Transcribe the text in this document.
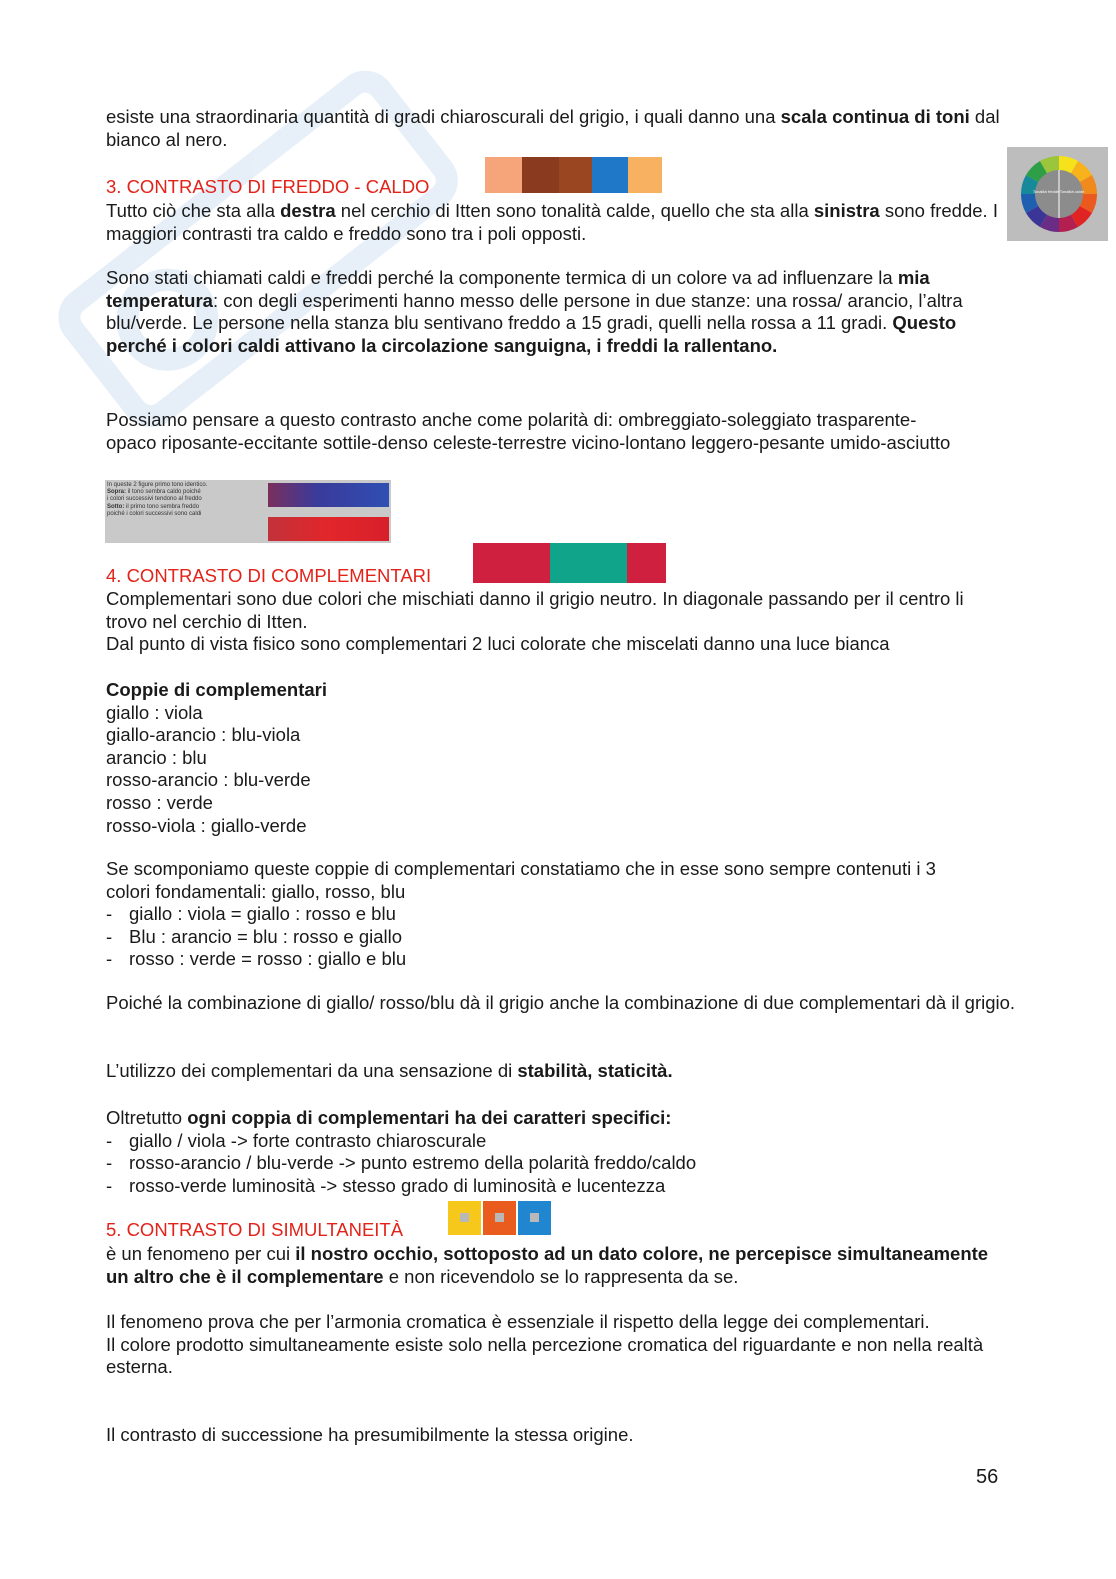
esiste una straordinaria quantità di gradi chiaroscurali del grigio, i quali danno una scala continua di toni dal bianco al nero.

3. CONTRASTO DI FREDDO - CALDO	Tonalità fredde Tonalità calde

Tutto ciò che sta alla destra nel cerchio di Itten sono tonalità calde, quello che sta alla sinistra sono fredde. I maggiori contrasti tra caldo e freddo sono tra i poli opposti.

Sono stati chiamati caldi e freddi perché la componente termica di un colore va ad influenzare la mia temperatura: con degli esperimenti hanno messo delle persone in due stanze: una rossa/ arancio, l’altra blu/verde. Le persone nella stanza blu sentivano freddo a 15 gradi, quelli nella rossa a 11 gradi. Questo perché i colori caldi attivano la circolazione sanguigna, i freddi la rallentano.

Possiamo pensare a questo contrasto anche come polarità di: ombreggiato-soleggiato trasparente-opaco riposante-eccitante sottile-denso celeste-terrestre vicino-lontano leggero-pesante umido-asciutto

In queste 2 figure primo tono identico.
Sopra: il tono sembra caldo poiché
i colori successivi tendono al freddo
Sotto: il primo tono sembra freddo
poiché i colori successivi sono caldi
4. CONTRASTO DI COMPLEMENTARI

Complementari sono due colori che mischiati danno il grigio neutro. In diagonale passando per il centro li trovo nel cerchio di Itten.

Dal punto di vista fisico sono complementari 2 luci colorate che miscelati danno una luce bianca

Coppie di complementari

giallo : viola

giallo-arancio : blu-viola

arancio : blu

rosso-arancio : blu-verde

rosso : verde

rosso-viola : giallo-verde

Se scomponiamo queste coppie di complementari constatiamo che in esse sono sempre contenuti i 3 colori fondamentali: giallo, rosso, blu

- giallo : viola = giallo : rosso e blu
- Blu : arancio = blu : rosso e giallo
- rosso : verde = rosso : giallo e blu

Poiché la combinazione di giallo/ rosso/blu dà il grigio anche la combinazione di due complementari dà il grigio.

L’utilizzo dei complementari da una sensazione di stabilità, staticità.

Oltretutto ogni coppia di complementari ha dei caratteri specifici:

- giallo / viola -> forte contrasto chiaroscurale
- rosso-arancio / blu-verde -> punto estremo della polarità freddo/caldo
- rosso-verde luminosità -> stesso grado di luminosità e lucentezza
5. CONTRASTO DI SIMULTANEITÀ

è un fenomeno per cui il nostro occhio, sottoposto ad un dato colore, ne percepisce simultaneamente un altro che è il complementare e non ricevendolo se lo rappresenta da se.

Il fenomeno prova che per l’armonia cromatica è essenziale il rispetto della legge dei complementari.

Il colore prodotto simultaneamente esiste solo nella percezione cromatica del riguardante e non nella realtà esterna.

Il contrasto di successione ha presumibilmente la stessa origine.

56
